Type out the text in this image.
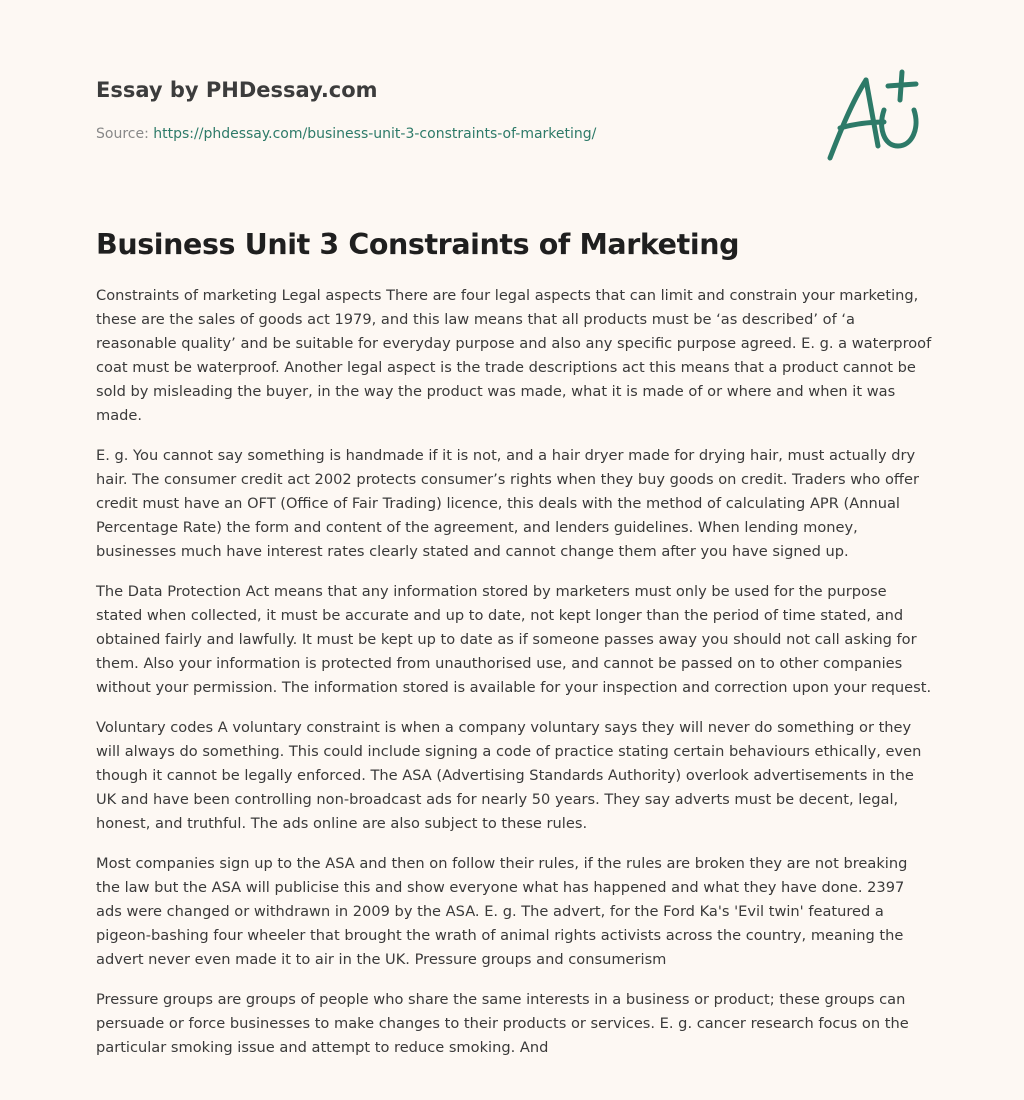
Essay by PHDessay.com
Source: https://phdessay.com/business-unit-3-constraints-of-marketing/
Business Unit 3 Constraints of Marketing

Constraints of marketing Legal aspects There are four legal aspects that can limit and constrain your marketing, these are the sales of goods act 1979, and this law means that all products must be ‘as described’ of ‘a reasonable quality’ and be suitable for everyday purpose and also any specific purpose agreed. E. g. a waterproof coat must be waterproof. Another legal aspect is the trade descriptions act this means that a product cannot be sold by misleading the buyer, in the way the product was made, what it is made of or where and when it was made.

E. g. You cannot say something is handmade if it is not, and a hair dryer made for drying hair, must actually dry hair. The consumer credit act 2002 protects consumer’s rights when they buy goods on credit. Traders who offer credit must have an OFT (Office of Fair Trading) licence, this deals with the method of calculating APR (Annual Percentage Rate) the form and content of the agreement, and lenders guidelines. When lending money, businesses much have interest rates clearly stated and cannot change them after you have signed up.

The Data Protection Act means that any information stored by marketers must only be used for the purpose stated when collected, it must be accurate and up to date, not kept longer than the period of time stated, and obtained fairly and lawfully. It must be kept up to date as if someone passes away you should not call asking for them. Also your information is protected from unauthorised use, and cannot be passed on to other companies without your permission. The information stored is available for your inspection and correction upon your request.

Voluntary codes A voluntary constraint is when a company voluntary says they will never do something or they will always do something. This could include signing a code of practice stating certain behaviours ethically, even though it cannot be legally enforced. The ASA (Advertising Standards Authority) overlook advertisements in the UK and have been controlling non-broadcast ads for nearly 50 years. They say adverts must be decent, legal, honest, and truthful. The ads online are also subject to these rules.

Most companies sign up to the ASA and then on follow their rules, if the rules are broken they are not breaking the law but the ASA will publicise this and show everyone what has happened and what they have done. 2397 ads were changed or withdrawn in 2009 by the ASA. E. g. The advert, for the Ford Ka's 'Evil twin' featured a pigeon-bashing four wheeler that brought the wrath of animal rights activists across the country, meaning the advert never even made it to air in the UK. Pressure groups and consumerism

Pressure groups are groups of people who share the same interests in a business or product; these groups can persuade or force businesses to make changes to their products or services. E. g. cancer research focus on the particular smoking issue and attempt to reduce smoking. And
